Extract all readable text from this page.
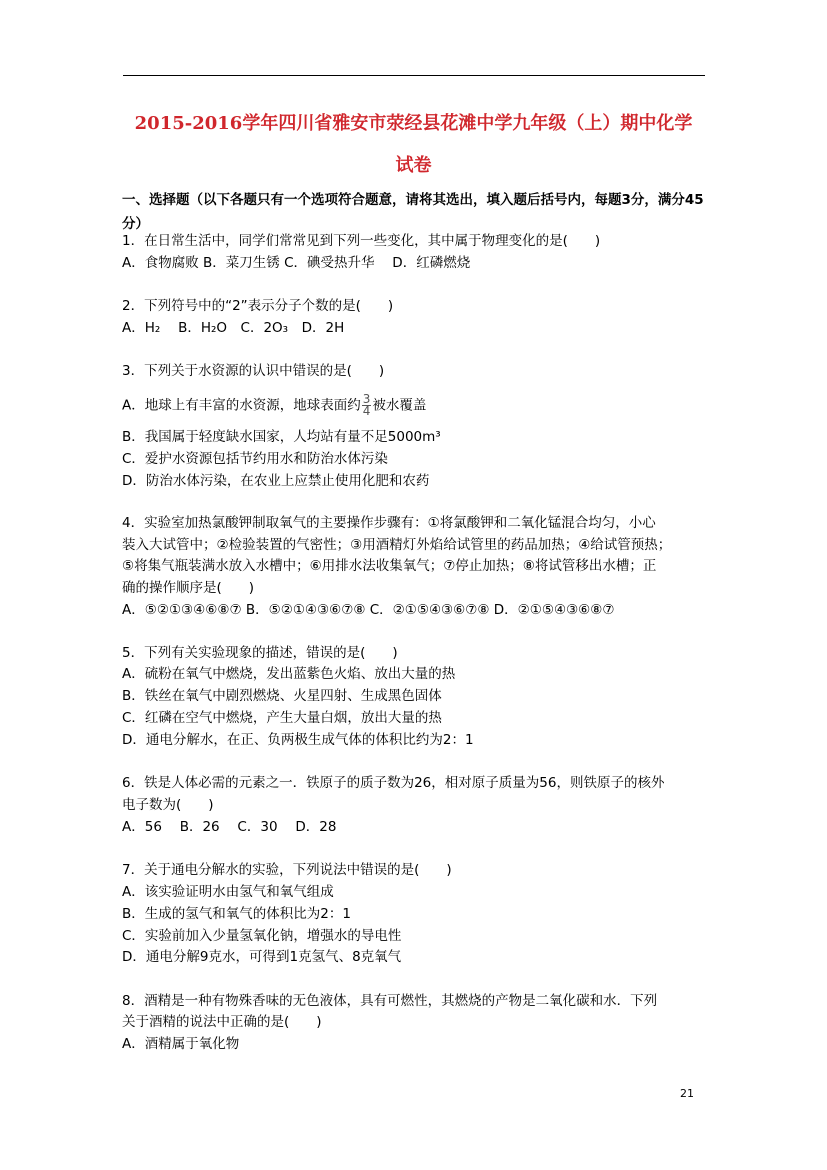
2015-2016学年四川省雅安市荥经县花滩中学九年级（上）期中化学
试卷
一、选择题（以下各题只有一个选项符合题意，请将其选出，填入题后括号内，每题3分，满分45分）
1．在日常生活中，同学们常常见到下列一些变化，其中属于物理变化的是(　　)
A．食物腐败 B．菜刀生锈 C．碘受热升华　 D．红磷燃烧
2．下列符号中的“2”表示分子个数的是(　　)
A．H₂　 B．H₂O　C．2O₃　D．2H
3．下列关于水资源的认识中错误的是(　　)
A．地球上有丰富的水资源，地球表面约 $\frac{3}{4}$ 被水覆盖
B．我国属于轻度缺水国家，人均站有量不足5000m³
C．爱护水资源包括节约用水和防治水体污染
D．防治水体污染，在农业上应禁止使用化肥和农药
4．实验室加热氯酸钾制取氧气的主要操作步骤有：①将氯酸钾和二氧化锰混合均匀，小心
装入大试管中；②检验装置的气密性；③用酒精灯外焰给试管里的药品加热；④给试管预热；
⑤将集气瓶装满水放入水槽中；⑥用排水法收集氧气；⑦停止加热；⑧将试管移出水槽；正
确的操作顺序是(　　)
A．⑤②①③④⑥⑧⑦ B．⑤②①④③⑥⑦⑧ C．②①⑤④③⑥⑦⑧ D．②①⑤④③⑥⑧⑦
5．下列有关实验现象的描述，错误的是(　　)
A．硫粉在氧气中燃烧，发出蓝紫色火焰、放出大量的热
B．铁丝在氧气中剧烈燃烧、火星四射、生成黑色固体
C．红磷在空气中燃烧，产生大量白烟，放出大量的热
D．通电分解水，在正、负两极生成气体的体积比约为2：1
6．铁是人体必需的元素之一．铁原子的质子数为26，相对原子质量为56，则铁原子的核外
电子数为(　　)
A．56　 B．26　 C．30　 D．28
7．关于通电分解水的实验，下列说法中错误的是(　　)
A．该实验证明水由氢气和氧气组成
B．生成的氢气和氧气的体积比为2：1
C．实验前加入少量氢氧化钠，增强水的导电性
D．通电分解9克水，可得到1克氢气、8克氧气
8．酒精是一种有物殊香味的无色液体，具有可燃性，其燃烧的产物是二氧化碳和水．下列
关于酒精的说法中正确的是(　　)
A．酒精属于氧化物
21
